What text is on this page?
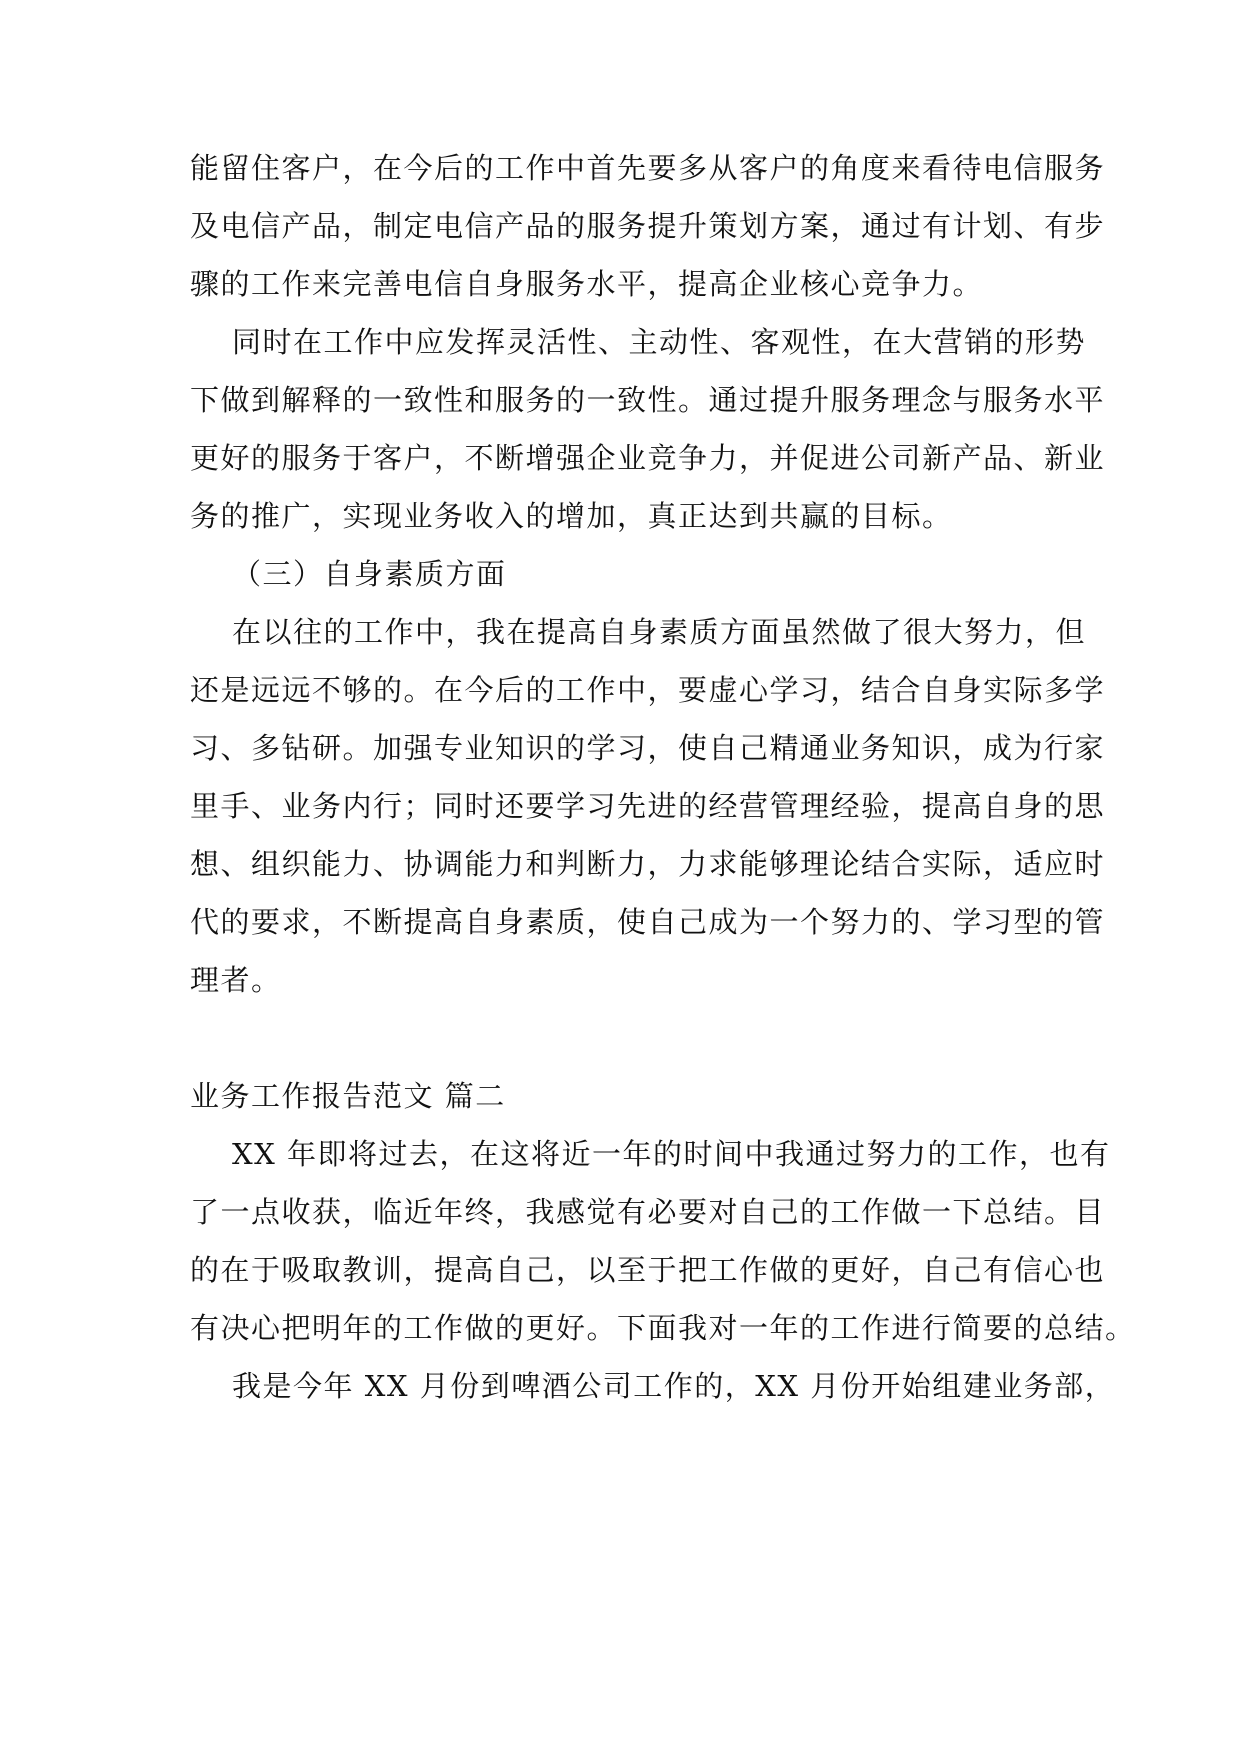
能留住客户，在今后的工作中首先要多从客户的角度来看待电信服务
及电信产品，制定电信产品的服务提升策划方案，通过有计划、有步
骤的工作来完善电信自身服务水平，提高企业核心竞争力。
同时在工作中应发挥灵活性、主动性、客观性，在大营销的形势
下做到解释的一致性和服务的一致性。通过提升服务理念与服务水平
更好的服务于客户，不断增强企业竞争力，并促进公司新产品、新业
务的推广，实现业务收入的增加，真正达到共赢的目标。
（三）自身素质方面
在以往的工作中，我在提高自身素质方面虽然做了很大努力，但
还是远远不够的。在今后的工作中，要虚心学习，结合自身实际多学
习、多钻研。加强专业知识的学习，使自己精通业务知识，成为行家
里手、业务内行；同时还要学习先进的经营管理经验，提高自身的思
想、组织能力、协调能力和判断力，力求能够理论结合实际，适应时
代的要求，不断提高自身素质，使自己成为一个努力的、学习型的管
理者。
业务工作报告范文 篇二
XX 年即将过去，在这将近一年的时间中我通过努力的工作，也有
了一点收获，临近年终，我感觉有必要对自己的工作做一下总结。目
的在于吸取教训，提高自己，以至于把工作做的更好，自己有信心也
有决心把明年的工作做的更好。下面我对一年的工作进行简要的总结。
我是今年 XX 月份到啤酒公司工作的，XX 月份开始组建业务部，
